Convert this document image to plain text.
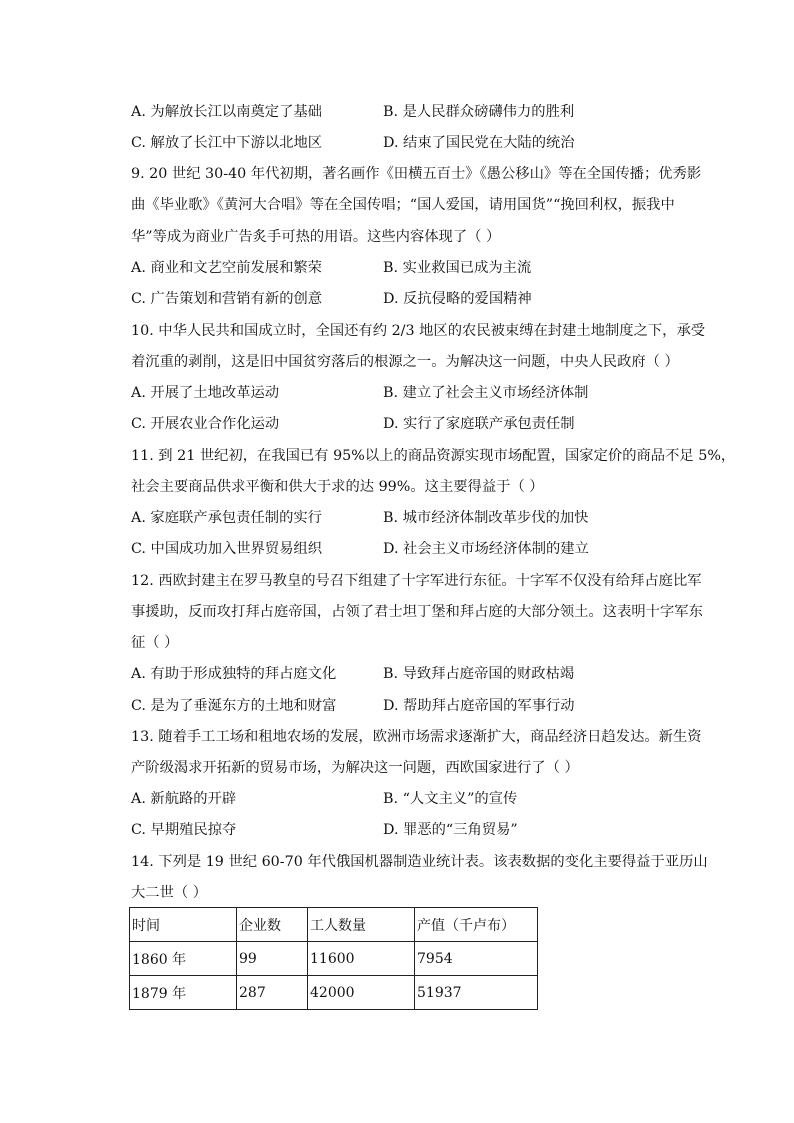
A. 为解放长江以南奠定了基础	B. 是人民群众磅礴伟力的胜利
C. 解放了长江中下游以北地区	D. 结束了国民党在大陆的统治
9. 20 世纪 30-40 年代初期，著名画作《田横五百士》《愚公移山》等在全国传播；优秀影
曲《毕业歌》《黄河大合唱》等在全国传唱；“国人爱国，请用国货”“挽回利权，振我中
华”等成为商业广告炙手可热的用语。这些内容体现了（ ）
A. 商业和文艺空前发展和繁荣	B. 实业救国已成为主流
C. 广告策划和营销有新的创意	D. 反抗侵略的爱国精神
10. 中华人民共和国成立时，全国还有约 2/3 地区的农民被束缚在封建土地制度之下，承受
着沉重的剥削，这是旧中国贫穷落后的根源之一。为解决这一问题，中央人民政府（ ）
A. 开展了土地改革运动	B. 建立了社会主义市场经济体制
C. 开展农业合作化运动	D. 实行了家庭联产承包责任制
11. 到 21 世纪初，在我国已有 95%以上的商品资源实现市场配置，国家定价的商品不足 5%，
社会主要商品供求平衡和供大于求的达 99%。这主要得益于（ ）
A. 家庭联产承包责任制的实行	B. 城市经济体制改革步伐的加快
C. 中国成功加入世界贸易组织	D. 社会主义市场经济体制的建立
12. 西欧封建主在罗马教皇的号召下组建了十字军进行东征。十字军不仅没有给拜占庭比军
事援助，反而攻打拜占庭帝国，占领了君士坦丁堡和拜占庭的大部分领土。这表明十字军东
征（ ）
A. 有助于形成独特的拜占庭文化	B. 导致拜占庭帝国的财政枯竭
C. 是为了垂涎东方的土地和财富	D. 帮助拜占庭帝国的军事行动
13. 随着手工工场和租地农场的发展，欧洲市场需求逐渐扩大，商品经济日趋发达。新生资
产阶级渴求开拓新的贸易市场，为解决这一问题，西欧国家进行了（ ）
A. 新航路的开辟	B. “人文主义”的宣传
C. 早期殖民掠夺	D. 罪恶的“三角贸易”
14. 下列是 19 世纪 60-70 年代俄国机器制造业统计表。该表数据的变化主要得益于亚历山
大二世（ ）
时间	企业数	工人数量	产值（千卢布）
1860 年	99	11600	7954
1879 年	287	42000	51937
